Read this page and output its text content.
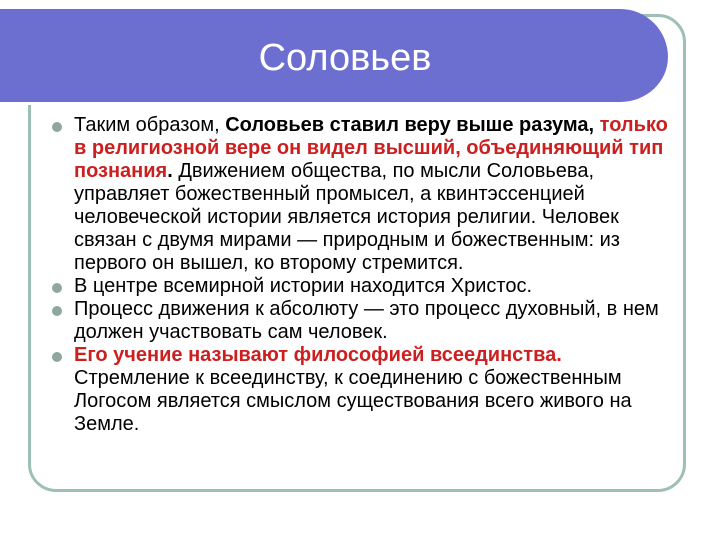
Соловьев

Таким образом, Соловьев ставил веру выше разума, только в религиозной вере он видел высший, объединяющий тип познания. Движением общества, по мысли Соловьева, управляет божественный промысел, а квинтэссенцией человеческой истории является история религии. Человек связан с двумя мирами — природным и божественным: из первого он вышел, ко второму стремится.

В центре всемирной истории находится Христос.

Процесс движения к абсолюту — это процесс духовный, в нем должен участвовать сам человек.

Его учение называют философией всеединства. Стремление к всеединству, к соединению с божественным Логосом является смыслом существования всего живого на Земле.
